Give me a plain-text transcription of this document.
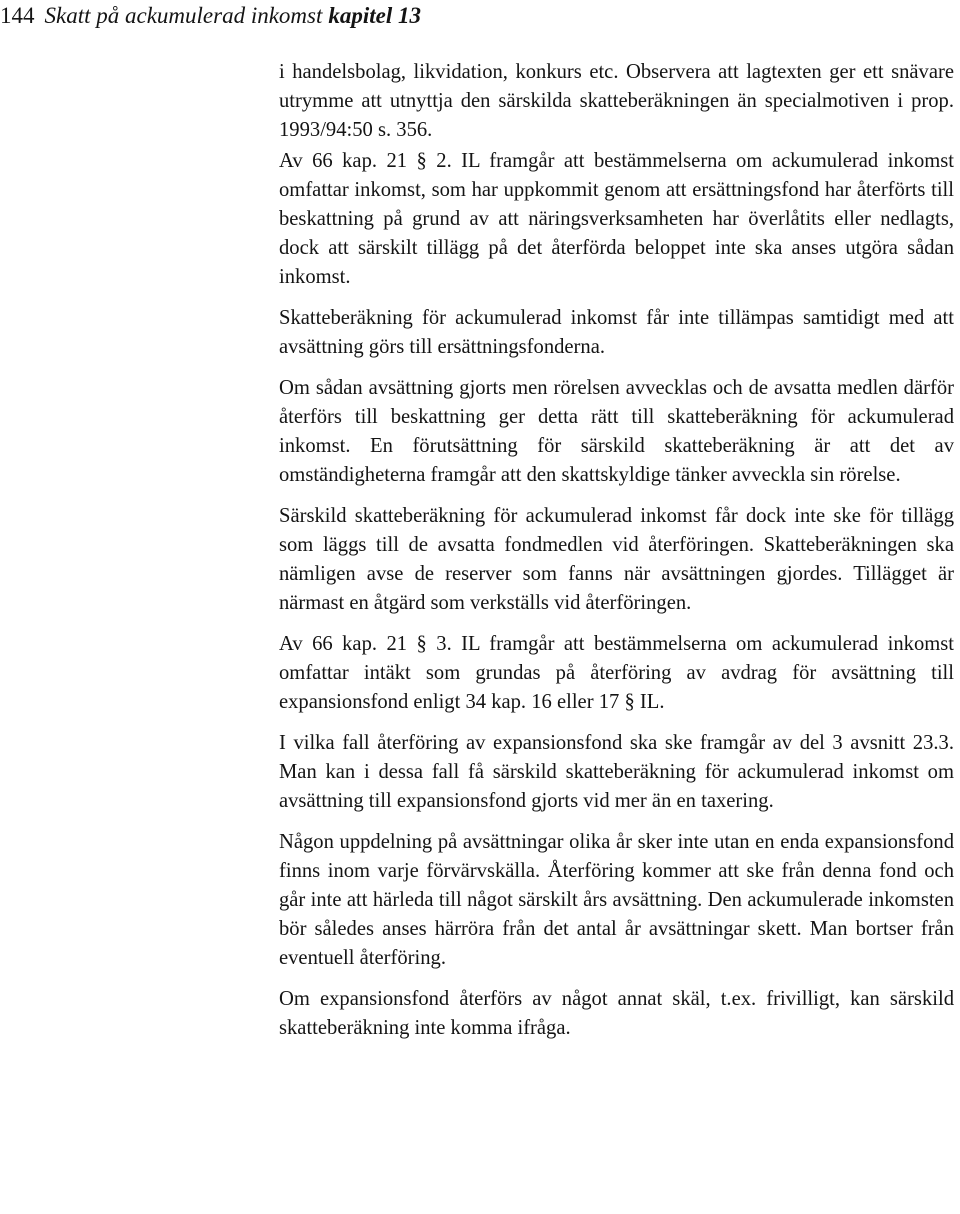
144 Skatt på ackumulerad inkomst kapitel 13

i handelsbolag, likvidation, konkurs etc. Observera att lagtexten ger ett snävare utrymme att utnyttja den särskilda skatteberäkningen än specialmotiven i prop. 1993/94:50 s. 356.

Av 66 kap. 21 § 2. IL framgår att bestämmelserna om ackumulerad inkomst omfattar inkomst, som har uppkommit genom att ersättningsfond har återförts till beskattning på grund av att näringsverksamheten har överlåtits eller nedlagts, dock att särskilt tillägg på det återförda beloppet inte ska anses utgöra sådan inkomst.

Skatteberäkning för ackumulerad inkomst får inte tillämpas samtidigt med att avsättning görs till ersättningsfonderna.

Om sådan avsättning gjorts men rörelsen avvecklas och de avsatta medlen därför återförs till beskattning ger detta rätt till skatteberäkning för ackumulerad inkomst. En förutsättning för särskild skatteberäkning är att det av omständigheterna framgår att den skattskyldige tänker avveckla sin rörelse.

Särskild skatteberäkning för ackumulerad inkomst får dock inte ske för tillägg som läggs till de avsatta fondmedlen vid återföringen. Skatteberäkningen ska nämligen avse de reserver som fanns när avsättningen gjordes. Tillägget är närmast en åtgärd som verkställs vid återföringen.

Av 66 kap. 21 § 3. IL framgår att bestämmelserna om ackumulerad inkomst omfattar intäkt som grundas på återföring av avdrag för avsättning till expansionsfond enligt 34 kap. 16 eller 17 § IL.

I vilka fall återföring av expansionsfond ska ske framgår av del 3 avsnitt 23.3. Man kan i dessa fall få särskild skatteberäkning för ackumulerad inkomst om avsättning till expansionsfond gjorts vid mer än en taxering.

Någon uppdelning på avsättningar olika år sker inte utan en enda expansionsfond finns inom varje förvärvskälla. Återföring kommer att ske från denna fond och går inte att härleda till något särskilt års avsättning. Den ackumulerade inkomsten bör således anses härröra från det antal år avsättningar skett. Man bortser från eventuell återföring.

Om expansionsfond återförs av något annat skäl, t.ex. frivilligt, kan särskild skatteberäkning inte komma ifråga.
